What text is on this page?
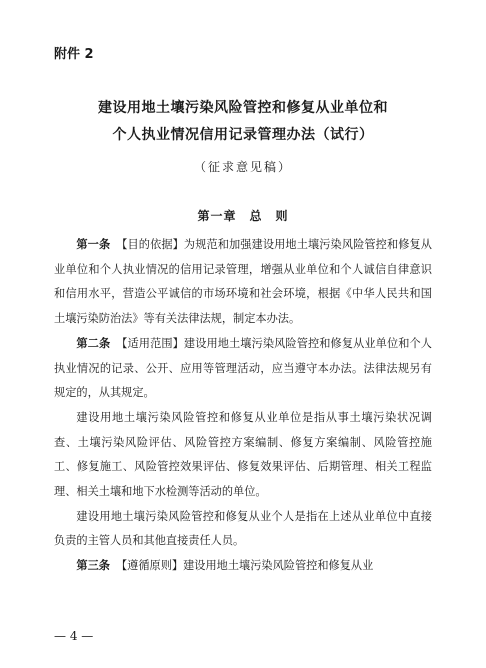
附件 2
建设用地土壤污染风险管控和修复从业单位和
个人执业情况信用记录管理办法（试行）
（征求意见稿）
第一章　总　则

第一条 【目的依据】为规范和加强建设用地土壤污染风险管控和修复从业单位和个人执业情况的信用记录管理，增强从业单位和个人诚信自律意识和信用水平，营造公平诚信的市场环境和社会环境，根据《中华人民共和国土壤污染防治法》等有关法律法规，制定本办法。

第二条 【适用范围】建设用地土壤污染风险管控和修复从业单位和个人执业情况的记录、公开、应用等管理活动，应当遵守本办法。法律法规另有规定的，从其规定。

建设用地土壤污染风险管控和修复从业单位是指从事土壤污染状况调查、土壤污染风险评估、风险管控方案编制、修复方案编制、风险管控施工、修复施工、风险管控效果评估、修复效果评估、后期管理、相关工程监理、相关土壤和地下水检测等活动的单位。

建设用地土壤污染风险管控和修复从业个人是指在上述从业单位中直接负责的主管人员和其他直接责任人员。

第三条 【遵循原则】建设用地土壤污染风险管控和修复从业

— 4 —
